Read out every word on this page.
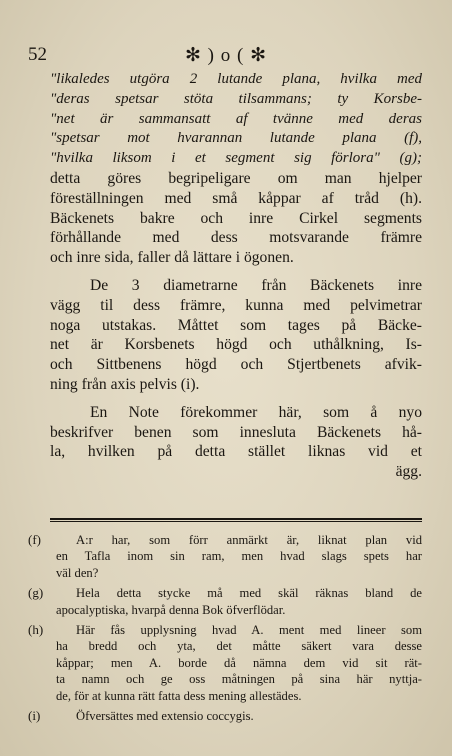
52	✻ ) o ( ✻
"likaledes utgöra 2 lutande plana, hvilka med
"deras spetsar stöta tilsammans; ty Korsbe-
"net är sammansatt af tvänne med deras
"spetsar mot hvarannan lutande plana (f),
"hvilka liksom i et segment sig förlora" (g);
detta göres begripeligare om man hjelper
föreställningen med små kåppar af tråd (h).
Bäckenets bakre och inre Cirkel segments
förhållande med dess motsvarande främre
och inre sida, faller då lättare i ögonen.
De 3 diametrarne från Bäckenets inre
vägg til dess främre, kunna med pelvimetrar
noga utstakas. Måttet som tages på Bäcke-
net är Korsbenets högd och uthålkning, Is-
och Sittbenens högd och Stjertbenets afvik-
ning från axis pelvis (i).
En Note förekommer här, som å nyo
beskrifver benen som innesluta Bäckenets hå-
la, hvilken på detta stället liknas vid et
ägg.
(f)	A:r har, som förr anmärkt är, liknat plan vid
en Tafla inom sin ram, men hvad slags spets har
väl den?
(g)	Hela detta stycke må med skäl räknas bland de
apocalyptiska, hvarpå denna Bok öfverflödar.
(h)	Här fås upplysning hvad A. ment med lineer som
ha bredd och yta, det måtte säkert vara desse
kåppar; men A. borde då nämna dem vid sit rät-
ta namn och ge oss måtningen på sina här nyttja-
de, för at kunna rätt fatta dess mening allestädes.
(i)	Öfversättes med extensio coccygis.
